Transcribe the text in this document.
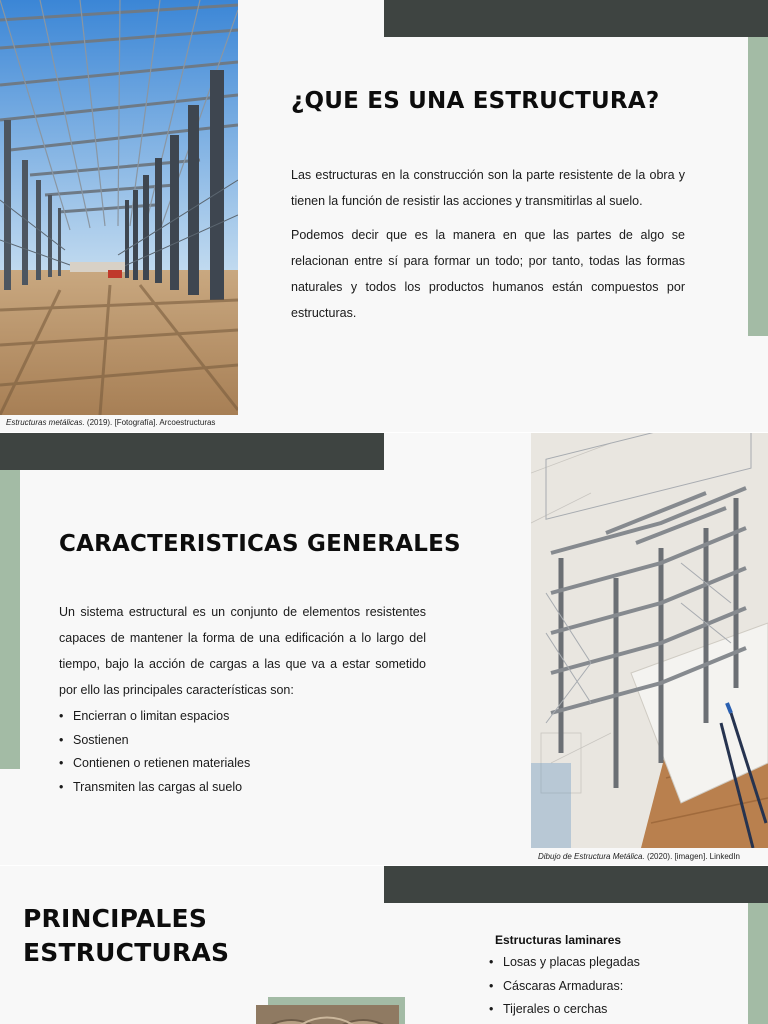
Estructuras metálicas. (2019). [Fotografía]. Arcoestructuras
¿QUE ES UNA ESTRUCTURA?

Las estructuras en la construcción son la parte resistente de la obra y tienen la función de resistir las acciones y transmitirlas al suelo.

Podemos decir que es la manera en que las partes de algo se relacionan entre sí para formar un todo; por tanto, todas las formas naturales y todos los productos humanos están compuestos por estructuras.

CARACTERISTICAS GENERALES

Un sistema estructural es un conjunto de elementos resistentes capaces de mantener la forma de una edificación a lo largo del tiempo, bajo la acción de cargas a las que va a estar sometido por ello las principales características son:

• Encierran o limitan espacios
• Sostienen
• Contienen o retienen materiales
• Transmiten las cargas al suelo
Dibujo de Estructura Metálica. (2020). [imagen]. LinkedIn
PRINCIPALES
ESTRUCTURAS	Estructuras laminares
• Losas y placas plegadas
• Cáscaras Armaduras:
• Tijerales o cerchas
